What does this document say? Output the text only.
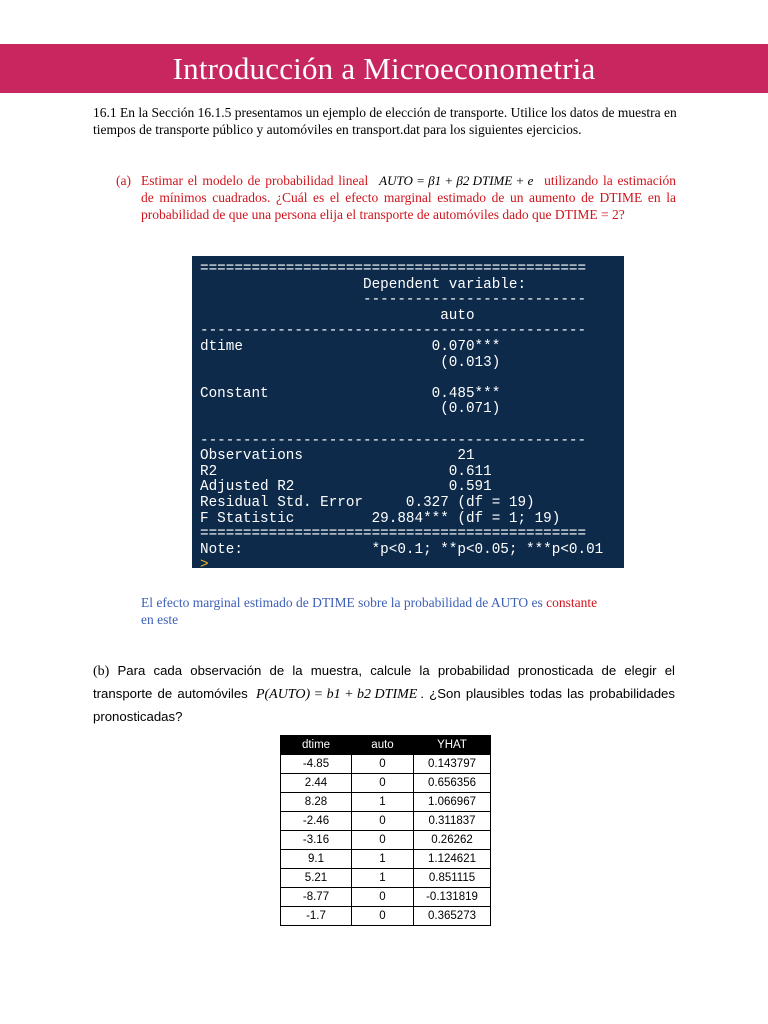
Introducción a Microeconometria
16.1 En la Sección 16.1.5 presentamos un ejemplo de elección de transporte. Utilice los datos de muestra en
tiempos de transporte público y automóviles en transport.dat para los siguientes ejercicios.
(a) Estimar el modelo de probabilidad lineal AUTO = β1 + β2 DTIME + e utilizando la estimación de mínimos cuadrados. ¿Cuál es el efecto marginal estimado de un aumento de DTIME en la probabilidad de que una persona elija el transporte de automóviles dado que DTIME = 2?
=============================================
Dependent variable:
--------------------------
auto
---------------------------------------------
dtime                      0.070***
(0.013)

Constant                   0.485***
(0.071)

---------------------------------------------
Observations                  21
R2                           0.611
Adjusted R2                  0.591
Residual Std. Error     0.327 (df = 19)
F Statistic         29.884*** (df = 1; 19)
=============================================
Note:               *p<0.1; **p<0.05; ***p<0.01
>
El efecto marginal estimado de DTIME sobre la probabilidad de AUTO es constante
en este
(b) Para cada observación de la muestra, calcule la probabilidad pronosticada de elegir el transporte de automóviles P(AUTO) = b1 + b2 DTIME . ¿Son plausibles todas las probabilidades pronosticadas?
dtime	auto	YHAT
-4.85	0	0.143797
2.44	0	0.656356
8.28	1	1.066967
-2.46	0	0.311837
-3.16	0	0.26262
9.1	1	1.124621
5.21	1	0.851115
-8.77	0	-0.131819
-1.7	0	0.365273
